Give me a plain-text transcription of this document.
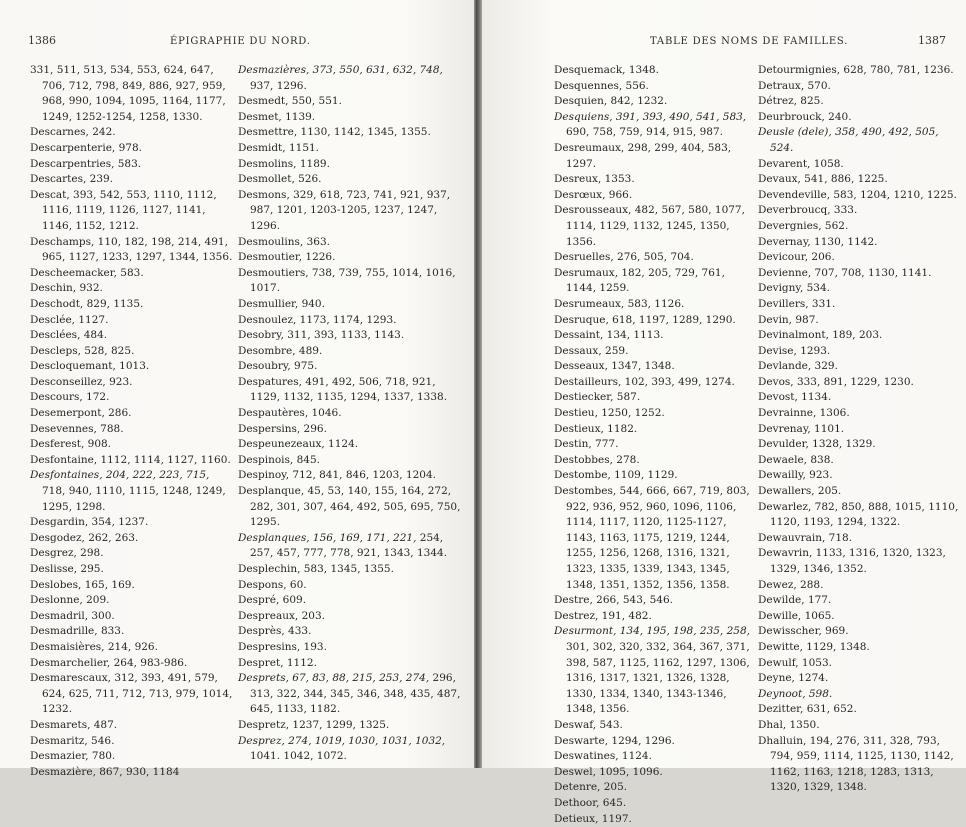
1386	ÉPIGRAPHIE DU NORD.
331, 511, 513, 534, 553, 624, 647, 706, 712, 798, 849, 886, 927, 959, 968, 990, 1094, 1095, 1164, 1177, 1249, 1252-1254, 1258, 1330.
Descarnes, 242.
Descarpenterie, 978.
Descarpentries, 583.
Descartes, 239.
Descat, 393, 542, 553, 1110, 1112, 1116, 1119, 1126, 1127, 1141, 1146, 1152, 1212.
Deschamps, 110, 182, 198, 214, 491, 965, 1127, 1233, 1297, 1344, 1356.
Descheemacker, 583.
Deschin, 932.
Deschodt, 829, 1135.
Desclée, 1127.
Desclées, 484.
Descleps, 528, 825.
Descloquemant, 1013.
Desconseillez, 923.
Descours, 172.
Desemerpont, 286.
Desevennes, 788.
Desferest, 908.
Desfontaine, 1112, 1114, 1127, 1160.
Desfontaines, 204, 222, 223, 715, 718, 940, 1110, 1115, 1248, 1249, 1295, 1298.
Desgardin, 354, 1237.
Desgodez, 262, 263.
Desgrez, 298.
Deslisse, 295.
Deslobes, 165, 169.
Deslonne, 209.
Desmadril, 300.
Desmadrille, 833.
Desmaisières, 214, 926.
Desmarchelier, 264, 983-986.
Desmarescaux, 312, 393, 491, 579, 624, 625, 711, 712, 713, 979, 1014, 1232.
Desmarets, 487.
Desmaritz, 546.
Desmazier, 780.
Desmazière, 867, 930, 1184
Desmazières, 373, 550, 631, 632, 748, 937, 1296.
Desmedt, 550, 551.
Desmet, 1139.
Desmettre, 1130, 1142, 1345, 1355.
Desmidt, 1151.
Desmolins, 1189.
Desmollet, 526.
Desmons, 329, 618, 723, 741, 921, 937, 987, 1201, 1203-1205, 1237, 1247, 1296.
Desmoulins, 363.
Desmoutier, 1226.
Desmoutiers, 738, 739, 755, 1014, 1016, 1017.
Desmullier, 940.
Desnoulez, 1173, 1174, 1293.
Desobry, 311, 393, 1133, 1143.
Desombre, 489.
Desoubry, 975.
Despatures, 491, 492, 506, 718, 921, 1129, 1132, 1135, 1294, 1337, 1338.
Despautères, 1046.
Despersins, 296.
Despeunezeaux, 1124.
Despinois, 845.
Despinoy, 712, 841, 846, 1203, 1204.
Desplanque, 45, 53, 140, 155, 164, 272, 282, 301, 307, 464, 492, 505, 695, 750, 1295.
Desplanques, 156, 169, 171, 221, 254, 257, 457, 777, 778, 921, 1343, 1344.
Desplechin, 583, 1345, 1355.
Despons, 60.
Despré, 609.
Despreaux, 203.
Desprès, 433.
Despresins, 193.
Despret, 1112.
Desprets, 67, 83, 88, 215, 253, 274, 296, 313, 322, 344, 345, 346, 348, 435, 487, 645, 1133, 1182.
Despretz, 1237, 1299, 1325.
Desprez, 274, 1019, 1030, 1031, 1032, 1041. 1042, 1072.
TABLE DES NOMS DE FAMILLES.	1387
Desquemack, 1348.
Desquennes, 556.
Desquien, 842, 1232.
Desquiens, 391, 393, 490, 541, 583, 690, 758, 759, 914, 915, 987.
Desreumaux, 298, 299, 404, 583, 1297.
Desreux, 1353.
Desrœux, 966.
Desrousseaux, 482, 567, 580, 1077, 1114, 1129, 1132, 1245, 1350, 1356.
Desruelles, 276, 505, 704.
Desrumaux, 182, 205, 729, 761, 1144, 1259.
Desrumeaux, 583, 1126.
Desruque, 618, 1197, 1289, 1290.
Dessaint, 134, 1113.
Dessaux, 259.
Desseaux, 1347, 1348.
Destailleurs, 102, 393, 499, 1274.
Destiecker, 587.
Destieu, 1250, 1252.
Destieux, 1182.
Destin, 777.
Destobbes, 278.
Destombe, 1109, 1129.
Destombes, 544, 666, 667, 719, 803, 922, 936, 952, 960, 1096, 1106, 1114, 1117, 1120, 1125-1127, 1143, 1163, 1175, 1219, 1244, 1255, 1256, 1268, 1316, 1321, 1323, 1335, 1339, 1343, 1345, 1348, 1351, 1352, 1356, 1358.
Destre, 266, 543, 546.
Destrez, 191, 482.
Desurmont, 134, 195, 198, 235, 258, 301, 302, 320, 332, 364, 367, 371, 398, 587, 1125, 1162, 1297, 1306, 1316, 1317, 1321, 1326, 1328, 1330, 1334, 1340, 1343-1346, 1348, 1356.
Deswaf, 543.
Deswarte, 1294, 1296.
Deswatines, 1124.
Deswel, 1095, 1096.
Detenre, 205.
Dethoor, 645.
Detieux, 1197.
Detourmignies, 628, 780, 781, 1236.
Detraux, 570.
Détrez, 825.
Deurbrouck, 240.
Deusle (dele), 358, 490, 492, 505, 524.
Devarent, 1058.
Devaux, 541, 886, 1225.
Devendeville, 583, 1204, 1210, 1225.
Deverbroucq, 333.
Devergnies, 562.
Devernay, 1130, 1142.
Devicour, 206.
Devienne, 707, 708, 1130, 1141.
Devigny, 534.
Devillers, 331.
Devin, 987.
Devinalmont, 189, 203.
Devise, 1293.
Devlande, 329.
Devos, 333, 891, 1229, 1230.
Devost, 1134.
Devrainne, 1306.
Devrenay, 1101.
Devulder, 1328, 1329.
Dewaele, 838.
Dewailly, 923.
Dewallers, 205.
Dewarlez, 782, 850, 888, 1015, 1110, 1120, 1193, 1294, 1322.
Dewauvrain, 718.
Dewavrin, 1133, 1316, 1320, 1323, 1329, 1346, 1352.
Dewez, 288.
Dewilde, 177.
Dewille, 1065.
Dewisscher, 969.
Dewitte, 1129, 1348.
Dewulf, 1053.
Deyne, 1274.
Deynoot, 598.
Dezitter, 631, 652.
Dhal, 1350.
Dhalluin, 194, 276, 311, 328, 793, 794, 959, 1114, 1125, 1130, 1142, 1162, 1163, 1218, 1283, 1313, 1320, 1329, 1348.
